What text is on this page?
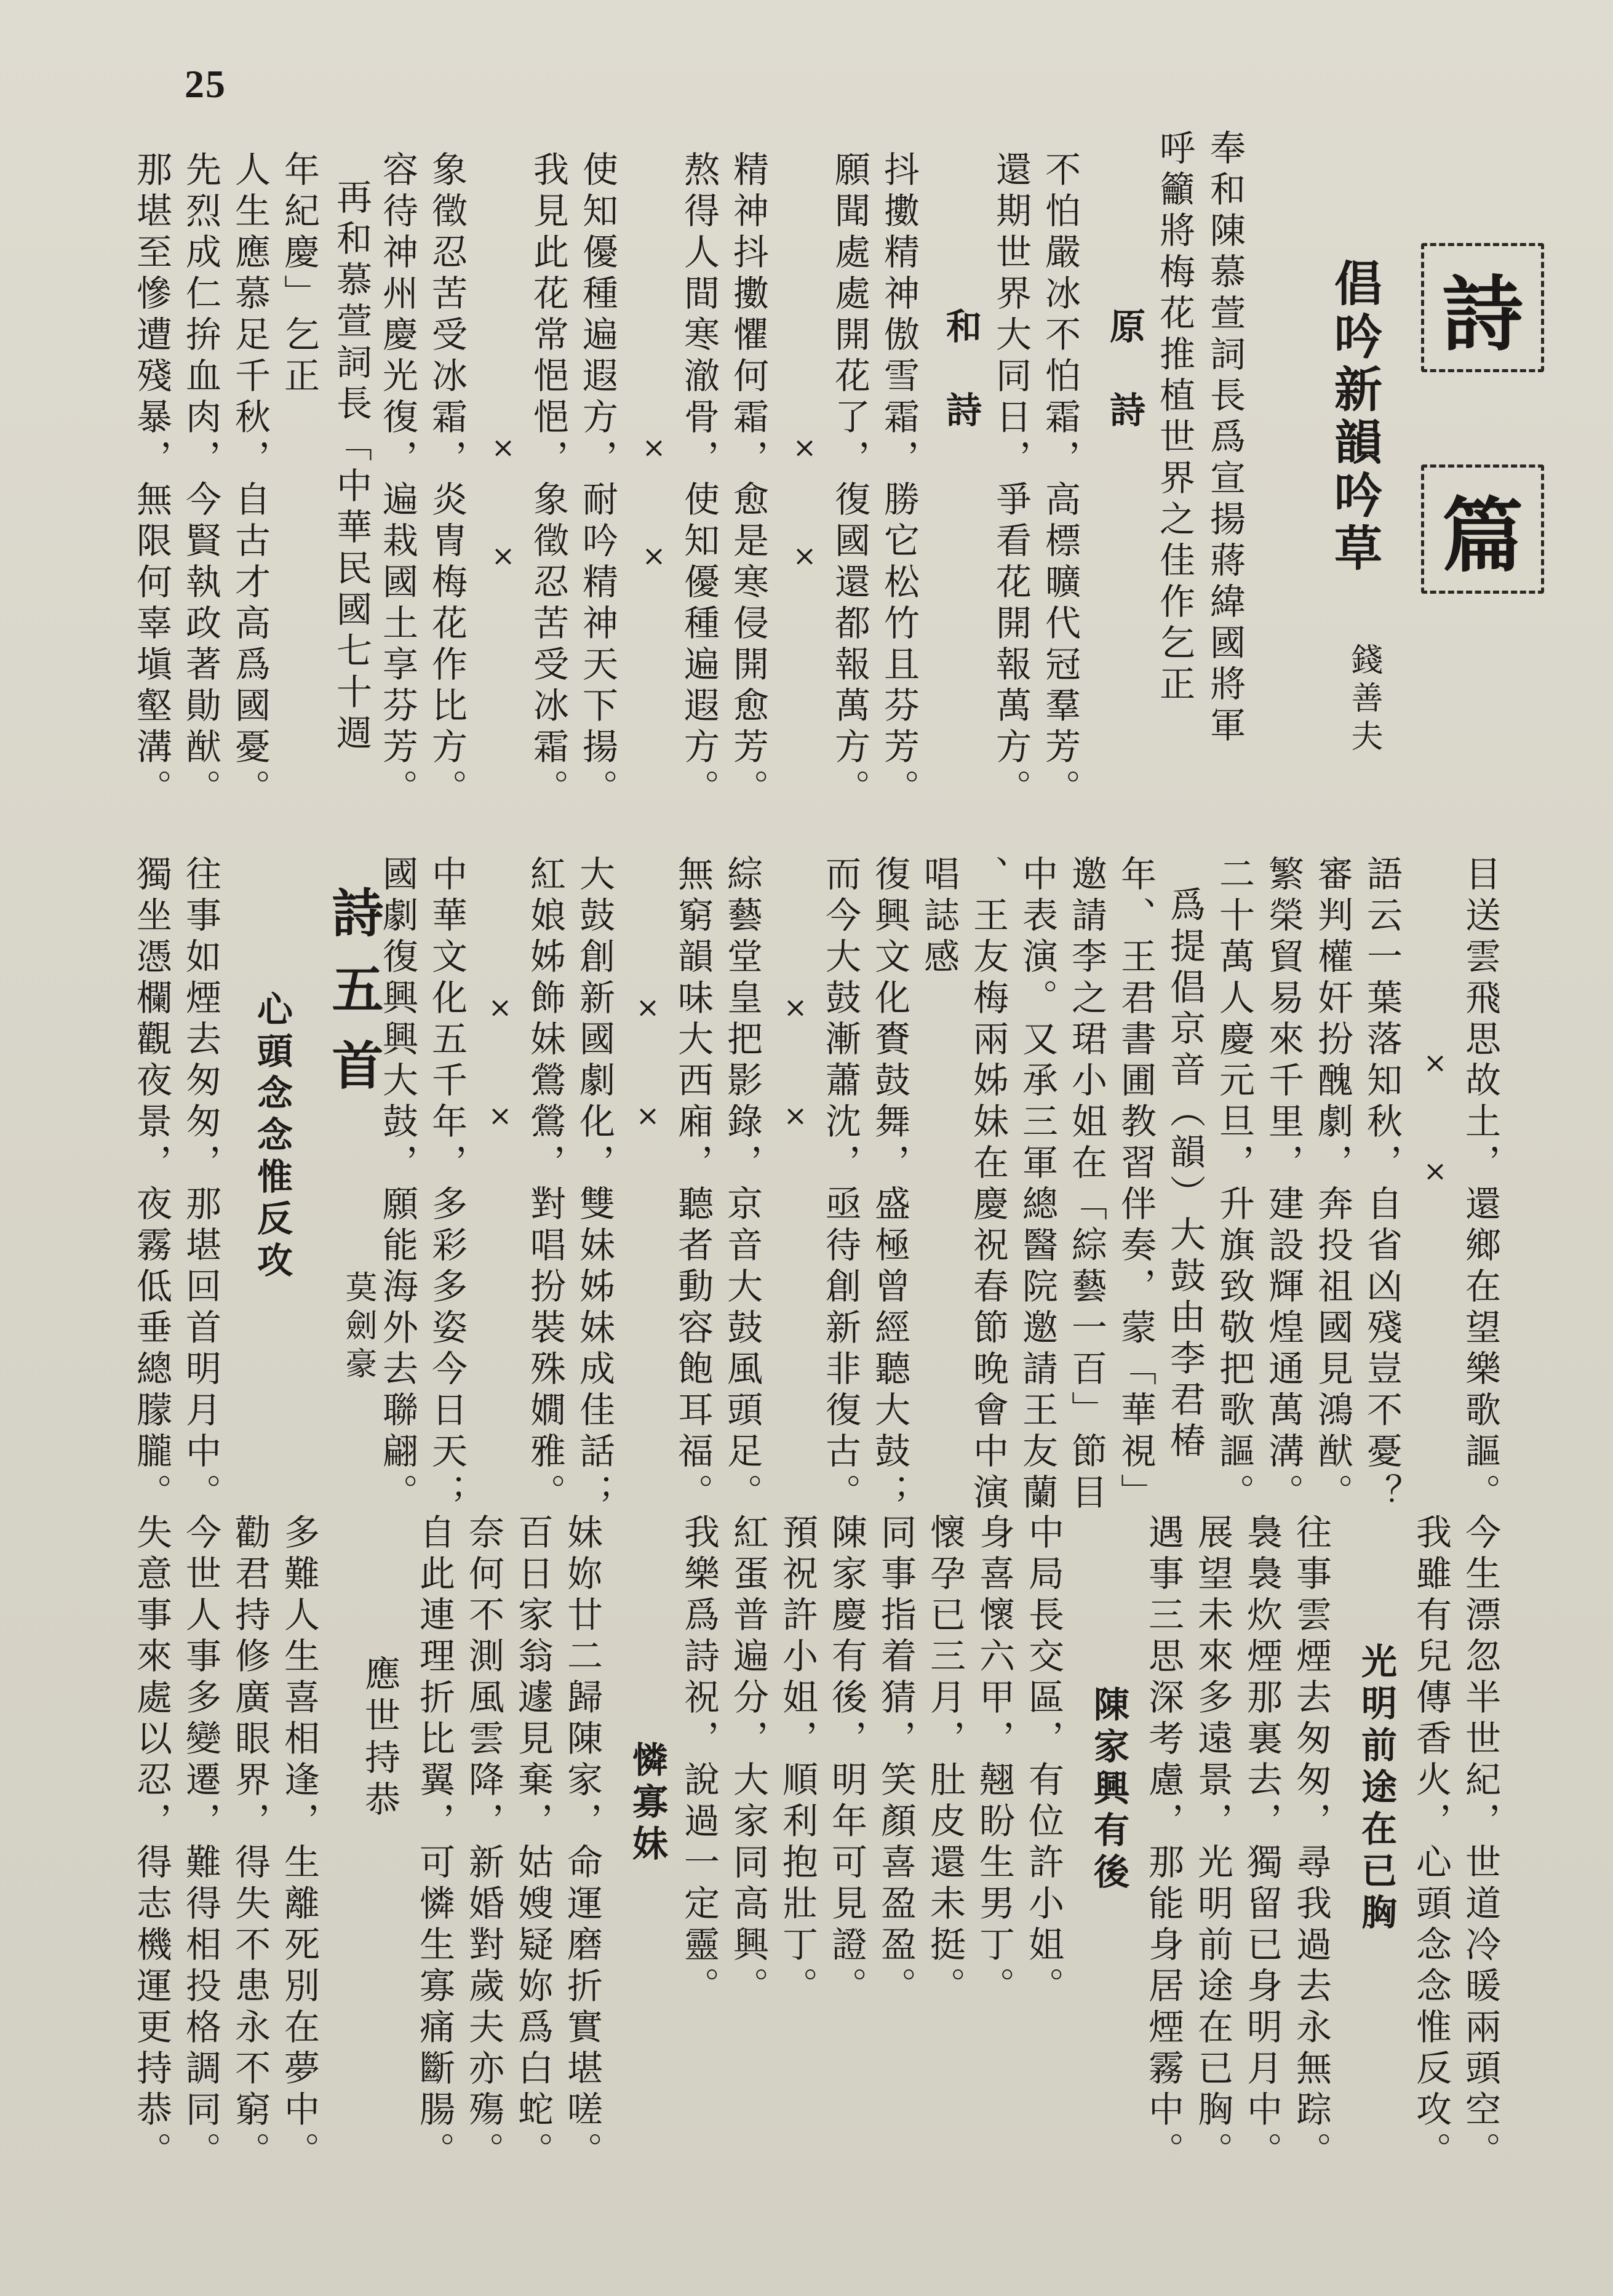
25
詩
篇
倡吟新韻吟草
錢善夫
奉和陳慕萱詞長爲宣揚蔣緯國將軍
呼籲將梅花推植世界之佳作乞正
原　詩
不怕嚴冰不怕霜，高標曠代冠羣芳。
還期世界大同日，爭看花開報萬方。
和　詩
抖擻精神傲雪霜，勝它松竹且芬芳。
願聞處處開花了，復國還都報萬方。
×　×
精神抖擻懼何霜，愈是寒侵開愈芳。
熬得人間寒澈骨，使知優種遍遐方。
×　×
使知優種遍遐方，耐吟精神天下揚。
我見此花常悒悒，象徵忍苦受冰霜。
×　×
象徵忍苦受冰霜，炎冑梅花作比方。
容待神州慶光復，遍栽國土享芬芳。
再和慕萱詞長「中華民國七十週
年紀慶」乞正
人生應慕足千秋，自古才高爲國憂。
先烈成仁拚血肉，今賢執政著勛猷。
那堪至慘遭殘暴，無限何辜塡壑溝。
目送雲飛思故土，還鄉在望樂歌謳。
×　×
語云一葉落知秋，自省凶殘豈不憂？
審判權奸扮醜劇，奔投祖國見鴻猷。
繁榮貿易來千里，建設輝煌通萬溝。
二十萬人慶元旦，升旗致敬把歌謳。
爲提倡京音（韻）大鼓由李君椿
年、王君書圃教習伴奏，蒙「華視」
邀請李之珺小姐在「綜藝一百」節目
中表演。又承三軍總醫院邀請王友蘭
、王友梅兩姊妹在慶祝春節晚會中演
唱誌感
復興文化賚鼓舞，盛極曾經聽大鼓；
而今大鼓漸蕭沈，亟待創新非復古。
×　×
綜藝堂皇把影錄，京音大鼓風頭足。
無窮韻味大西廂，聽者動容飽耳福。
×　×
大鼓創新國劇化，雙妹姊妹成佳話；
紅娘姊飾妹鶯鶯，對唱扮裝殊嫺雅。
×　×
中華文化五千年，多彩多姿今日天；
國劇復興興大鼓，願能海外去聯翩。
詩五首
莫劍豪
心頭念念惟反攻
往事如煙去匆匆，那堪回首明月中。
獨坐憑欄觀夜景，夜霧低垂總朦朧。
今生漂忽半世紀，世道冷暖兩頭空。
我雖有兒傳香火，心頭念念惟反攻。
光明前途在已胸
往事雲煙去匆匆，尋我過去永無踪。
裊裊炊煙那裏去，獨留已身明月中。
展望未來多遠景，光明前途在已胸。
遇事三思深考慮，那能身居煙霧中。
陳家興有後
中局長交區，有位許小姐。
身喜懷六甲，翹盼生男丁。
懷孕已三月，肚皮還未挺。
同事指着猜，笑顏喜盈盈。
陳家慶有後，明年可見證。
預祝許小姐，順利抱壯丁。
紅蛋普遍分，大家同高興。
我樂爲詩祝，說過一定靈。
憐寡妹
妹妳廿二歸陳家，命運磨折實堪嗟。
百日家翁遽見棄，姑嫂疑妳爲白蛇。
奈何不測風雲降，新婚對歲夫亦殤。
自此連理折比翼，可憐生寡痛斷腸。
應世持恭
多難人生喜相逢，生離死別在夢中。
勸君持修廣眼界，得失不患永不窮。
今世人事多變遷，難得相投格調同。
失意事來處以忍，得志機運更持恭。
